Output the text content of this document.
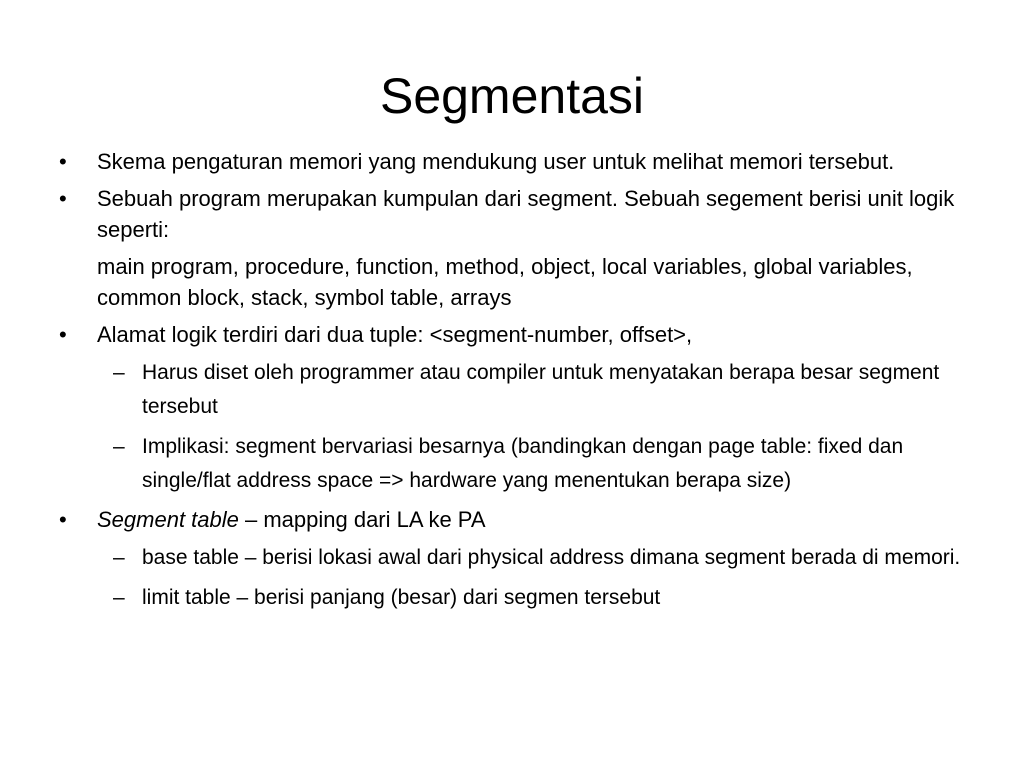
Segmentasi
• Skema pengaturan memori yang mendukung user untuk melihat memori tersebut.
• Sebuah program merupakan kumpulan dari segment. Sebuah segement berisi unit logik seperti:
main program, procedure, function, method, object, local variables, global variables, common block, stack, symbol table, arrays
• Alamat logik terdiri dari dua tuple: <segment-number, offset>,
– Harus diset oleh programmer atau compiler untuk menyatakan berapa besar segment tersebut
– Implikasi: segment bervariasi besarnya (bandingkan dengan page table: fixed dan single/flat address space => hardware yang menentukan berapa size)
• Segment table – mapping dari LA ke PA
– base table – berisi lokasi awal dari physical address dimana segment berada di memori.
– limit table – berisi panjang (besar) dari segmen tersebut
